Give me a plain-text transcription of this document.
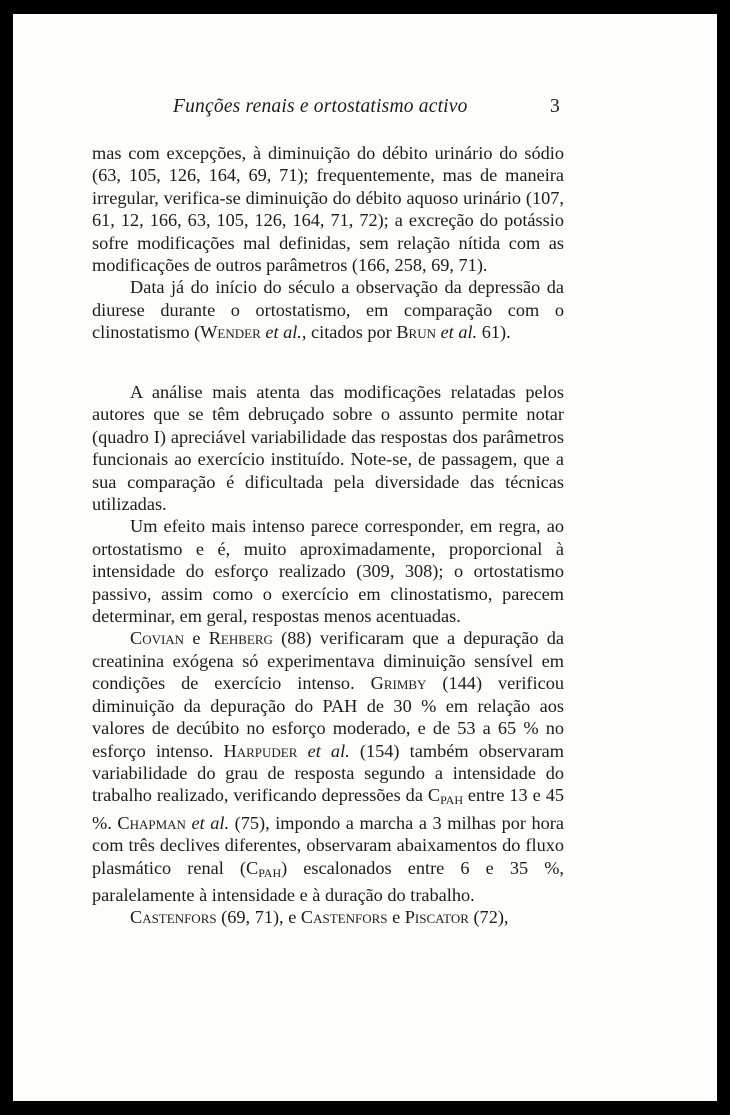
Funções renais e ortostatismo activo	3

mas com excepções, à diminuição do débito urinário do sódio (63, 105, 126, 164, 69, 71); frequentemente, mas de maneira irregular, verifica-se diminuição do débito aquoso urinário (107, 61, 12, 166, 63, 105, 126, 164, 71, 72); a excreção do potássio sofre modificações mal definidas, sem relação nítida com as modificações de outros parâmetros (166, 258, 69, 71).

Data já do início do século a observação da depressão da diurese durante o ortostatismo, em comparação com o clinostatismo (Wender et al., citados por Brun et al. 61).

A análise mais atenta das modificações relatadas pelos autores que se têm debruçado sobre o assunto permite notar (quadro I) apreciável variabilidade das respostas dos parâmetros funcionais ao exercício instituído. Note-se, de passagem, que a sua comparação é dificultada pela diversidade das técnicas utilizadas.

Um efeito mais intenso parece corresponder, em regra, ao ortostatismo e é, muito aproximadamente, proporcional à intensidade do esforço realizado (309, 308); o ortostatismo passivo, assim como o exercício em clinostatismo, parecem determinar, em geral, respostas menos acentuadas.

Covian e Rehberg (88) verificaram que a depuração da creatinina exógena só experimentava diminuição sensível em condições de exercício intenso. Grimby (144) verificou diminuição da depuração do PAH de 30 % em relação aos valores de decúbito no esforço moderado, e de 53 a 65 % no esforço intenso. Harpuder et al. (154) também observaram variabilidade do grau de resposta segundo a intensidade do trabalho realizado, verificando depressões da $C_{PAH}$ entre 13 e 45 %. Chapman et al. (75), impondo a marcha a 3 milhas por hora com três declives diferentes, observaram abaixamentos do fluxo plasmático renal $(C_{PAH})$ escalonados entre 6 e 35 %, paralelamente à intensidade e à duração do trabalho.

Castenfors (69, 71), e Castenfors e Piscator (72),
